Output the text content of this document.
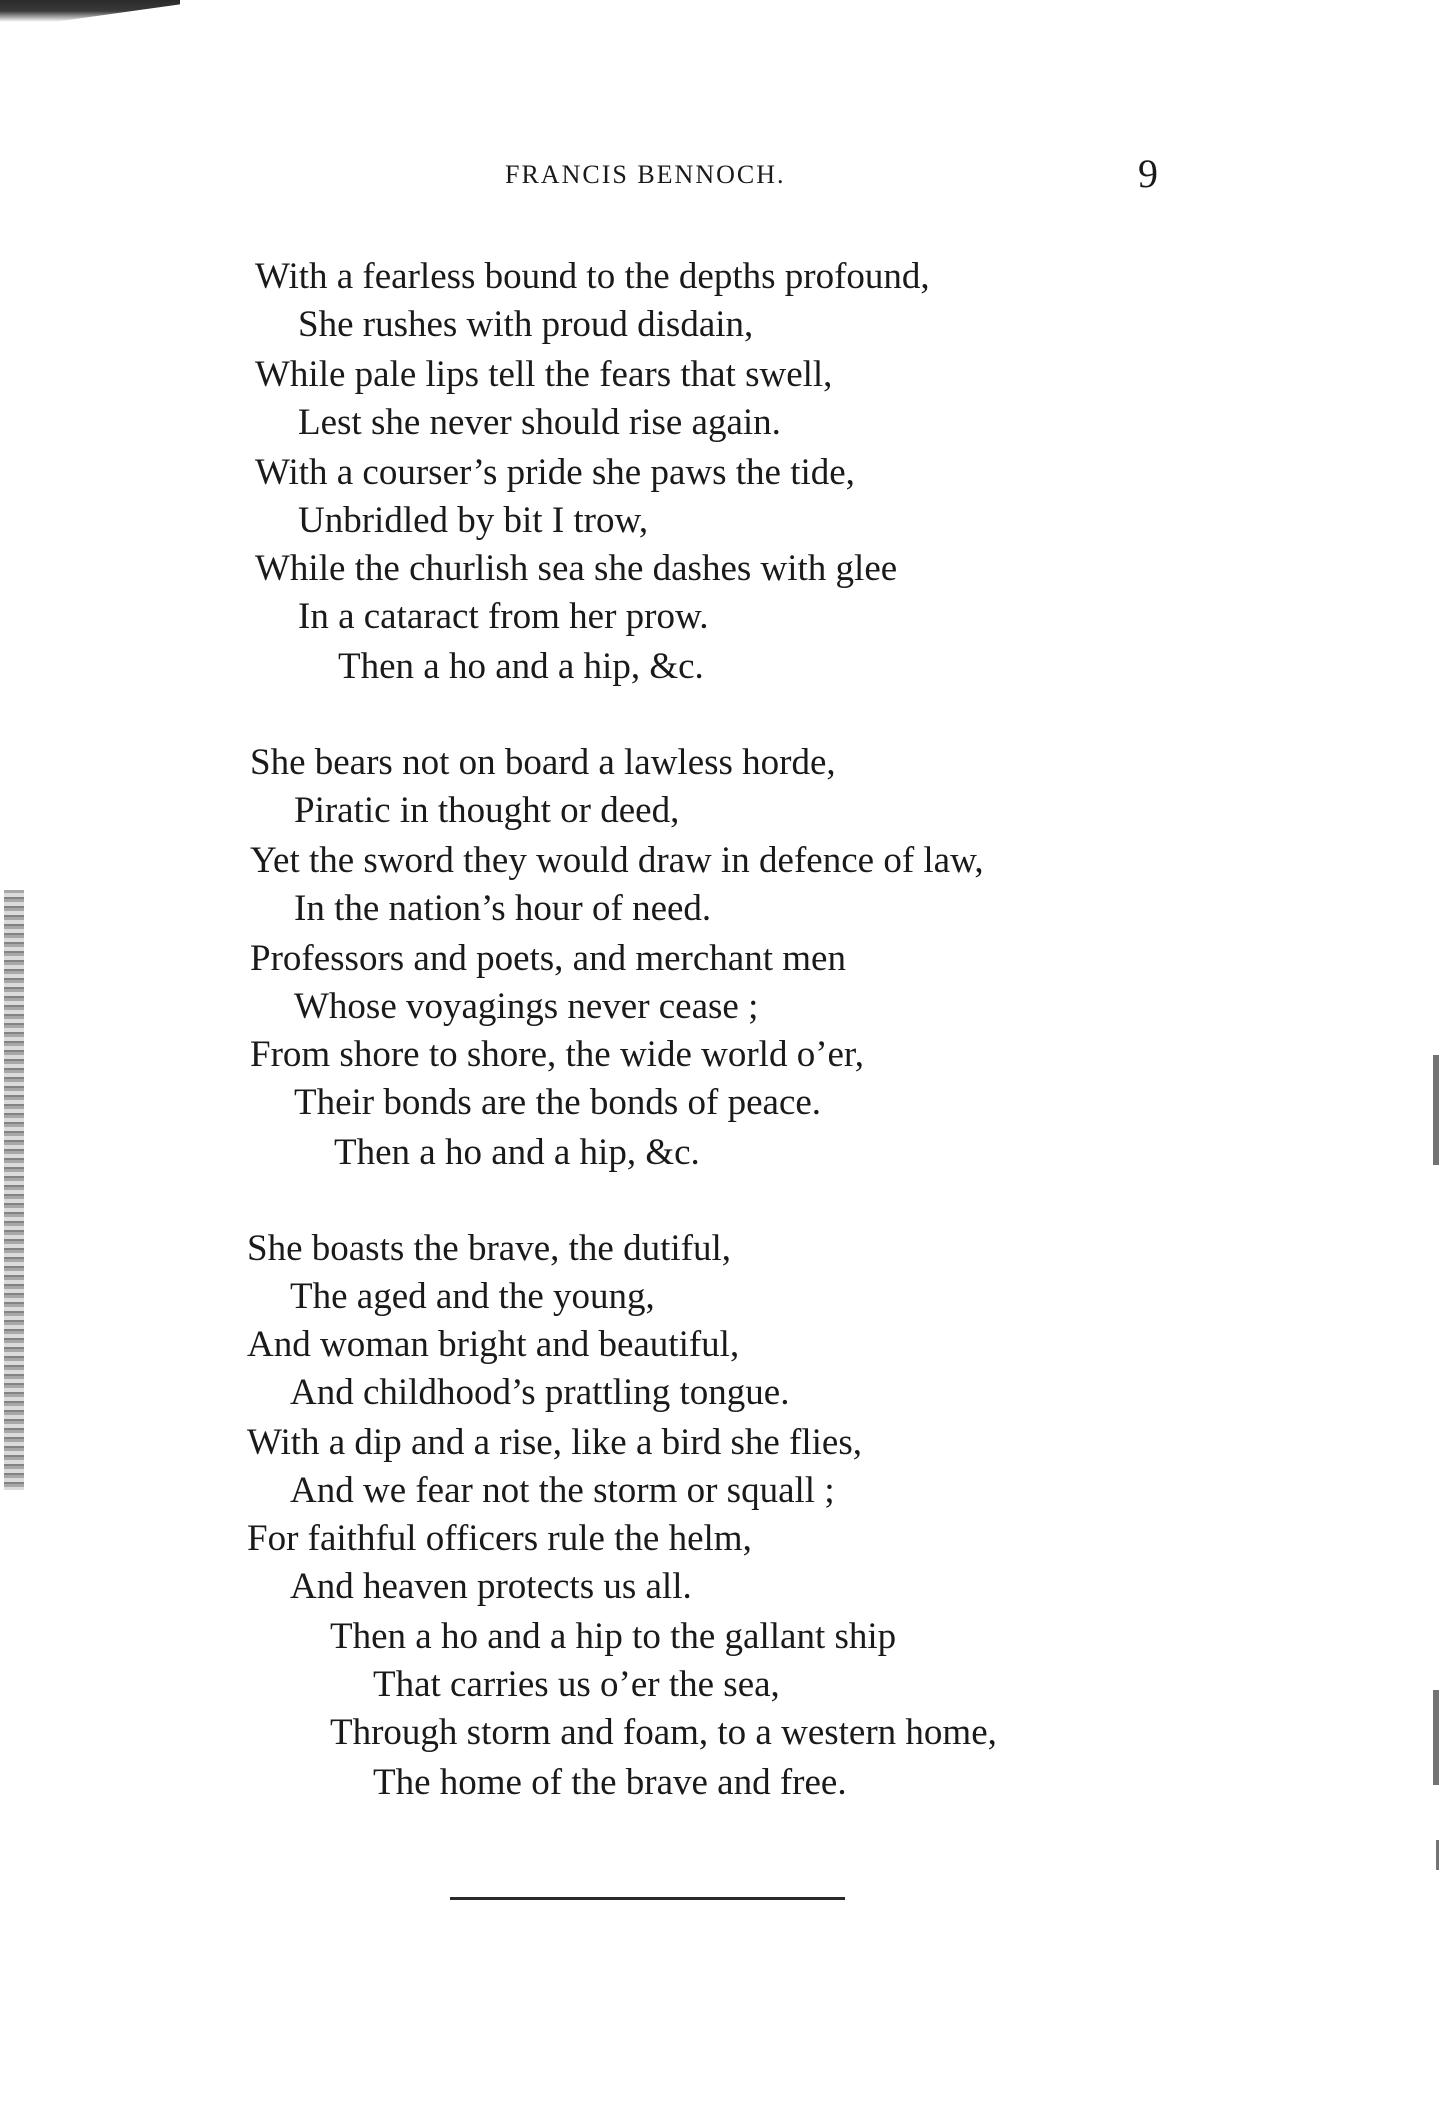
FRANCIS BENNOCH.	9
With a fearless bound to the depths profound,
She rushes with proud disdain,
While pale lips tell the fears that swell,
Lest she never should rise again.
With a courser’s pride she paws the tide,
Unbridled by bit I trow,
While the churlish sea she dashes with glee
In a cataract from her prow.
Then a ho and a hip, &c.
She bears not on board a lawless horde,
Piratic in thought or deed,
Yet the sword they would draw in defence of law,
In the nation’s hour of need.
Professors and poets, and merchant men
Whose voyagings never cease ;
From shore to shore, the wide world o’er,
Their bonds are the bonds of peace.
Then a ho and a hip, &c.
She boasts the brave, the dutiful,
The aged and the young,
And woman bright and beautiful,
And childhood’s prattling tongue.
With a dip and a rise, like a bird she flies,
And we fear not the storm or squall ;
For faithful officers rule the helm,
And heaven protects us all.
Then a ho and a hip to the gallant ship
That carries us o’er the sea,
Through storm and foam, to a western home,
The home of the brave and free.
